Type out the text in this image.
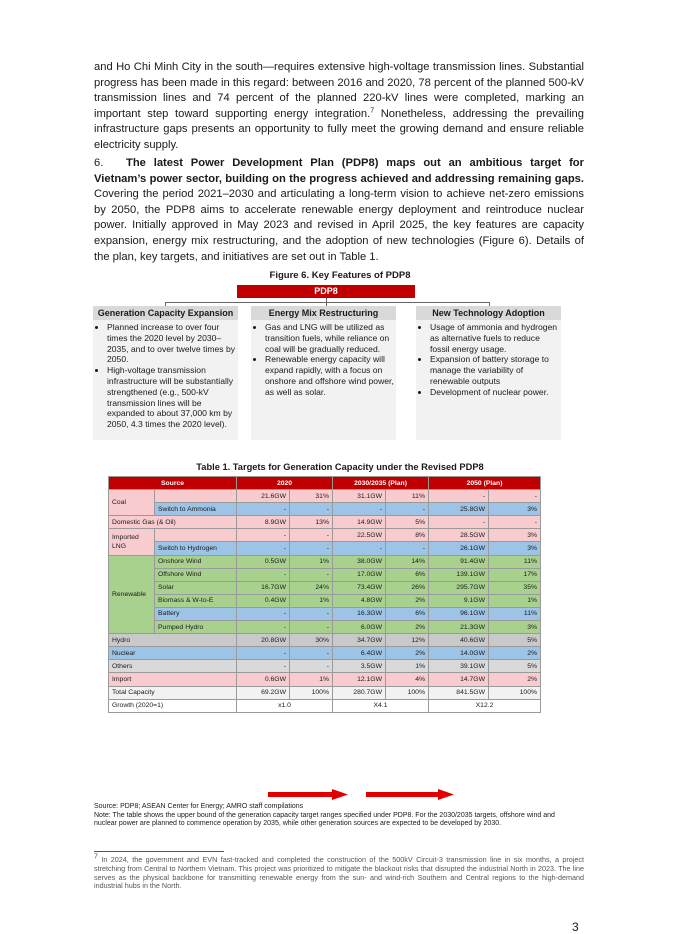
and Ho Chi Minh City in the south—requires extensive high-voltage transmission lines. Substantial progress has been made in this regard: between 2016 and 2020, 78 percent of the planned 500-kV transmission lines and 74 percent of the planned 220-kV lines were completed, marking an important step toward supporting energy integration.$^7$ Nonetheless, addressing the prevailing infrastructure gaps presents an opportunity to fully meet the growing demand and ensure reliable electricity supply.

6. The latest Power Development Plan (PDP8) maps out an ambitious target for Vietnam’s power sector, building on the progress achieved and addressing remaining gaps. Covering the period 2021–2030 and articulating a long-term vision to achieve net-zero emissions by 2050, the PDP8 aims to accelerate renewable energy deployment and reintroduce nuclear power. Initially approved in May 2023 and revised in April 2025, the key features are capacity expansion, energy mix restructuring, and the adoption of new technologies (Figure 6). Details of the plan, key targets, and initiatives are set out in Table 1.

Figure 6. Key Features of PDP8
PDP8
Generation Capacity Expansion
• Planned increase to over four times the 2020 level by 2030–2035, and to over twelve times by 2050.
• High-voltage transmission infrastructure will be substantially strengthened (e.g., 500-kV transmission lines will be expanded to about 37,000 km by 2050, 4.3 times the 2020 level).
Energy Mix Restructuring
• Gas and LNG will be utilized as transition fuels, while reliance on coal will be gradually reduced.
• Renewable energy capacity will expand rapidly, with a focus on onshore and offshore wind power, as well as solar.
New Technology Adoption
• Usage of ammonia and hydrogen as alternative fuels to reduce fossil energy usage.
• Expansion of battery storage to manage the variability of renewable outputs
• Development of nuclear power.
Table 1. Targets for Generation Capacity under the Revised PDP8
Source		2020		2030/2035 (Plan)		2050 (Plan)	
Coal		21.6GW	31%	31.1GW	11%	-	-
	Switch to Ammonia	-	-	-	-	25.8GW	3%
Domestic Gas (& Oil)		8.9GW	13%	14.9GW	5%	-	-
Imported LNG		-	-	22.5GW	8%	28.5GW	3%
	Switch to Hydrogen	-	-	-	-	26.1GW	3%
Renewable	Onshore Wind	0.5GW	1%	38.0GW	14%	91.4GW	11%
	Offshore Wind	-	-	17.0GW	6%	139.1GW	17%
	Solar	16.7GW	24%	73.4GW	26%	295.7GW	35%
	Biomass & W-to-E	0.4GW	1%	4.8GW	2%	9.1GW	1%
	Battery	-	-	16.3GW	6%	96.1GW	11%
	Pumped Hydro	-	-	6.0GW	2%	21.3GW	3%
Hydro		20.8GW	30%	34.7GW	12%	40.6GW	5%
Nuclear		-	-	6.4GW	2%	14.0GW	2%
Others		-	-	3.5GW	1%	39.1GW	5%
Import		0.6GW	1%	12.1GW	4%	14.7GW	2%
Total Capacity		69.2GW	100%	280.7GW	100%	841.5GW	100%
Growth (2020=1)		x1.0		X4.1		X12.2	
Source: PDP8; ASEAN Center for Energy; AMRO staff compilations
Note: The table shows the upper bound of the generation capacity target ranges specified under PDP8. For the 2030/2035 targets, offshore wind and nuclear power are planned to commence operation by 2035, while other generation sources are expected to be developed by 2030.
$^7$ In 2024, the government and EVN fast-tracked and completed the construction of the 500kV Circuit-3 transmission line in six months, a project stretching from Central to Northern Vietnam. This project was prioritized to mitigate the blackout risks that disrupted the industrial North in 2023. The line serves as the physical backbone for transmitting renewable energy from the sun- and wind-rich Southern and Central regions to the high-demand industrial hubs in the North.
3
